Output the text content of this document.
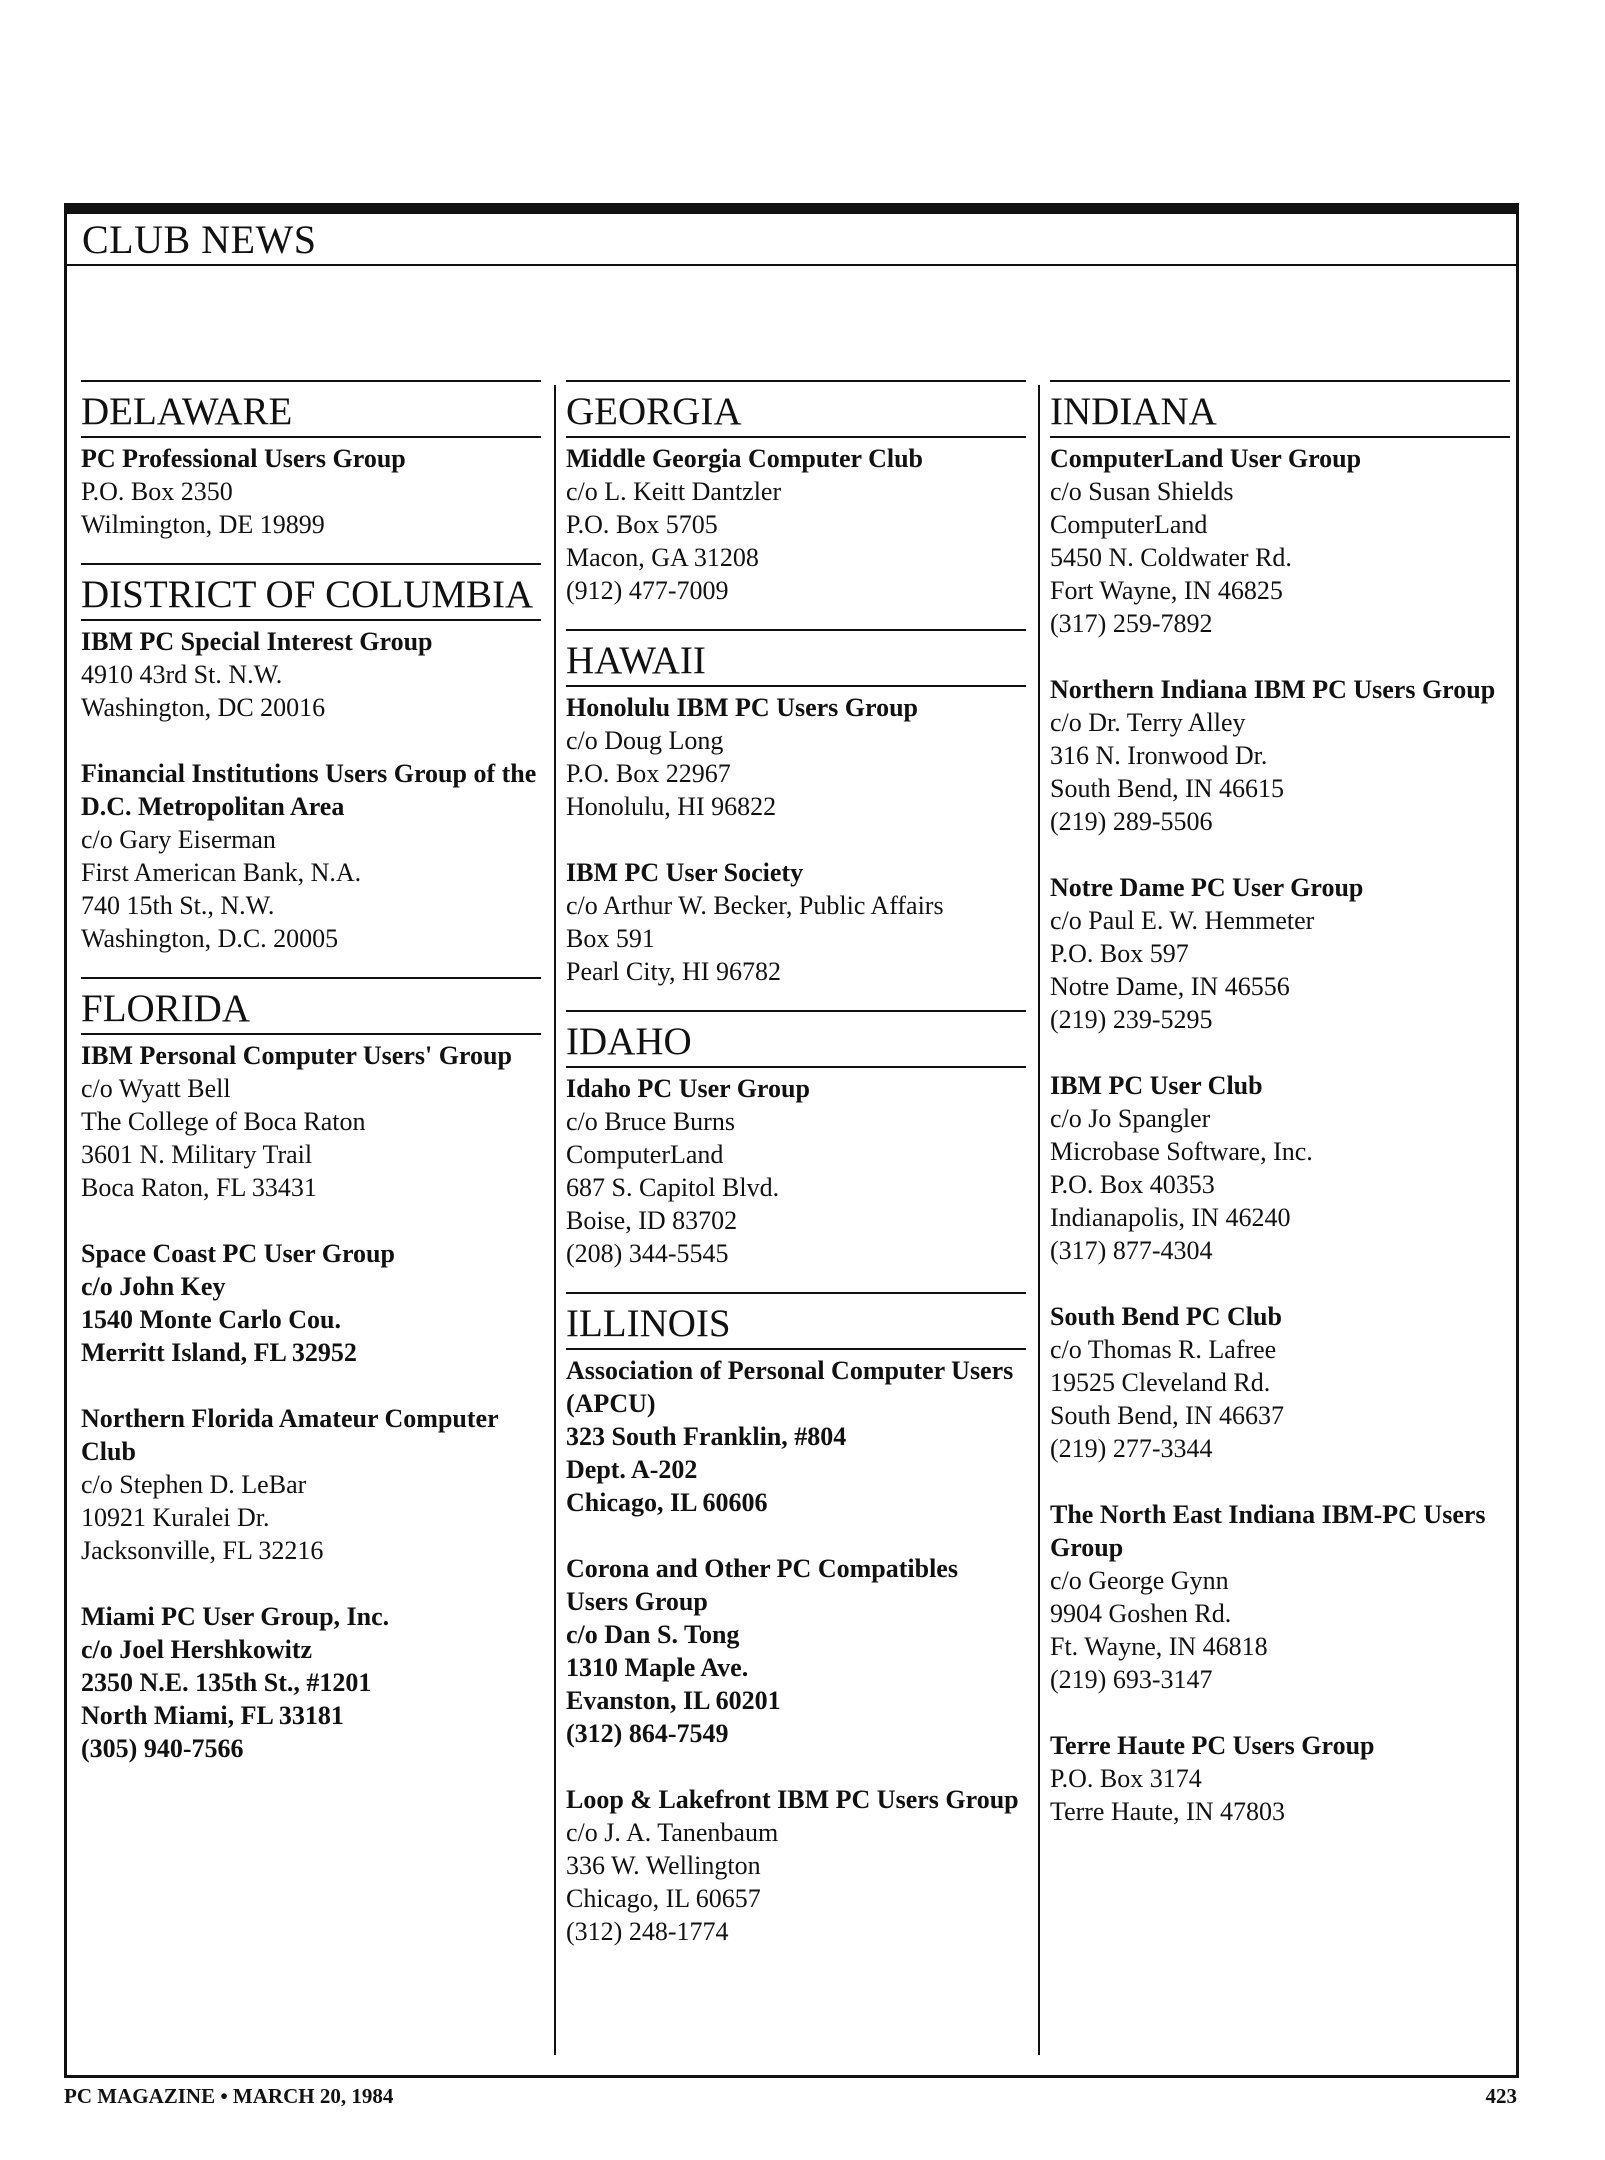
CLUB NEWS
DELAWARE
PC Professional Users Group
P.O. Box 2350
Wilmington, DE 19899
DISTRICT OF COLUMBIA
IBM PC Special Interest Group
4910 43rd St. N.W.
Washington, DC 20016
Financial Institutions Users Group of the D.C. Metropolitan Area
c/o Gary Eiserman
First American Bank, N.A.
740 15th St., N.W.
Washington, D.C. 20005
FLORIDA
IBM Personal Computer Users' Group
c/o Wyatt Bell
The College of Boca Raton
3601 N. Military Trail
Boca Raton, FL 33431
Space Coast PC User Group
c/o John Key
1540 Monte Carlo Cou.
Merritt Island, FL 32952
Northern Florida Amateur Computer Club
c/o Stephen D. LeBar
10921 Kuralei Dr.
Jacksonville, FL 32216
Miami PC User Group, Inc.
c/o Joel Hershkowitz
2350 N.E. 135th St., #1201
North Miami, FL 33181
(305) 940-7566
GEORGIA
Middle Georgia Computer Club
c/o L. Keitt Dantzler
P.O. Box 5705
Macon, GA 31208
(912) 477-7009
HAWAII
Honolulu IBM PC Users Group
c/o Doug Long
P.O. Box 22967
Honolulu, HI 96822
IBM PC User Society
c/o Arthur W. Becker, Public Affairs
Box 591
Pearl City, HI 96782
IDAHO
Idaho PC User Group
c/o Bruce Burns
ComputerLand
687 S. Capitol Blvd.
Boise, ID 83702
(208) 344-5545
ILLINOIS
Association of Personal Computer Users (APCU)
323 South Franklin, #804
Dept. A-202
Chicago, IL 60606
Corona and Other PC Compatibles Users Group
c/o Dan S. Tong
1310 Maple Ave.
Evanston, IL 60201
(312) 864-7549
Loop & Lakefront IBM PC Users Group
c/o J. A. Tanenbaum
336 W. Wellington
Chicago, IL 60657
(312) 248-1774
INDIANA
ComputerLand User Group
c/o Susan Shields
ComputerLand
5450 N. Coldwater Rd.
Fort Wayne, IN 46825
(317) 259-7892
Northern Indiana IBM PC Users Group
c/o Dr. Terry Alley
316 N. Ironwood Dr.
South Bend, IN 46615
(219) 289-5506
Notre Dame PC User Group
c/o Paul E. W. Hemmeter
P.O. Box 597
Notre Dame, IN 46556
(219) 239-5295
IBM PC User Club
c/o Jo Spangler
Microbase Software, Inc.
P.O. Box 40353
Indianapolis, IN 46240
(317) 877-4304
South Bend PC Club
c/o Thomas R. Lafree
19525 Cleveland Rd.
South Bend, IN 46637
(219) 277-3344
The North East Indiana IBM-PC Users Group
c/o George Gynn
9904 Goshen Rd.
Ft. Wayne, IN 46818
(219) 693-3147
Terre Haute PC Users Group
P.O. Box 3174
Terre Haute, IN 47803
PC MAGAZINE • MARCH 20, 1984	423
